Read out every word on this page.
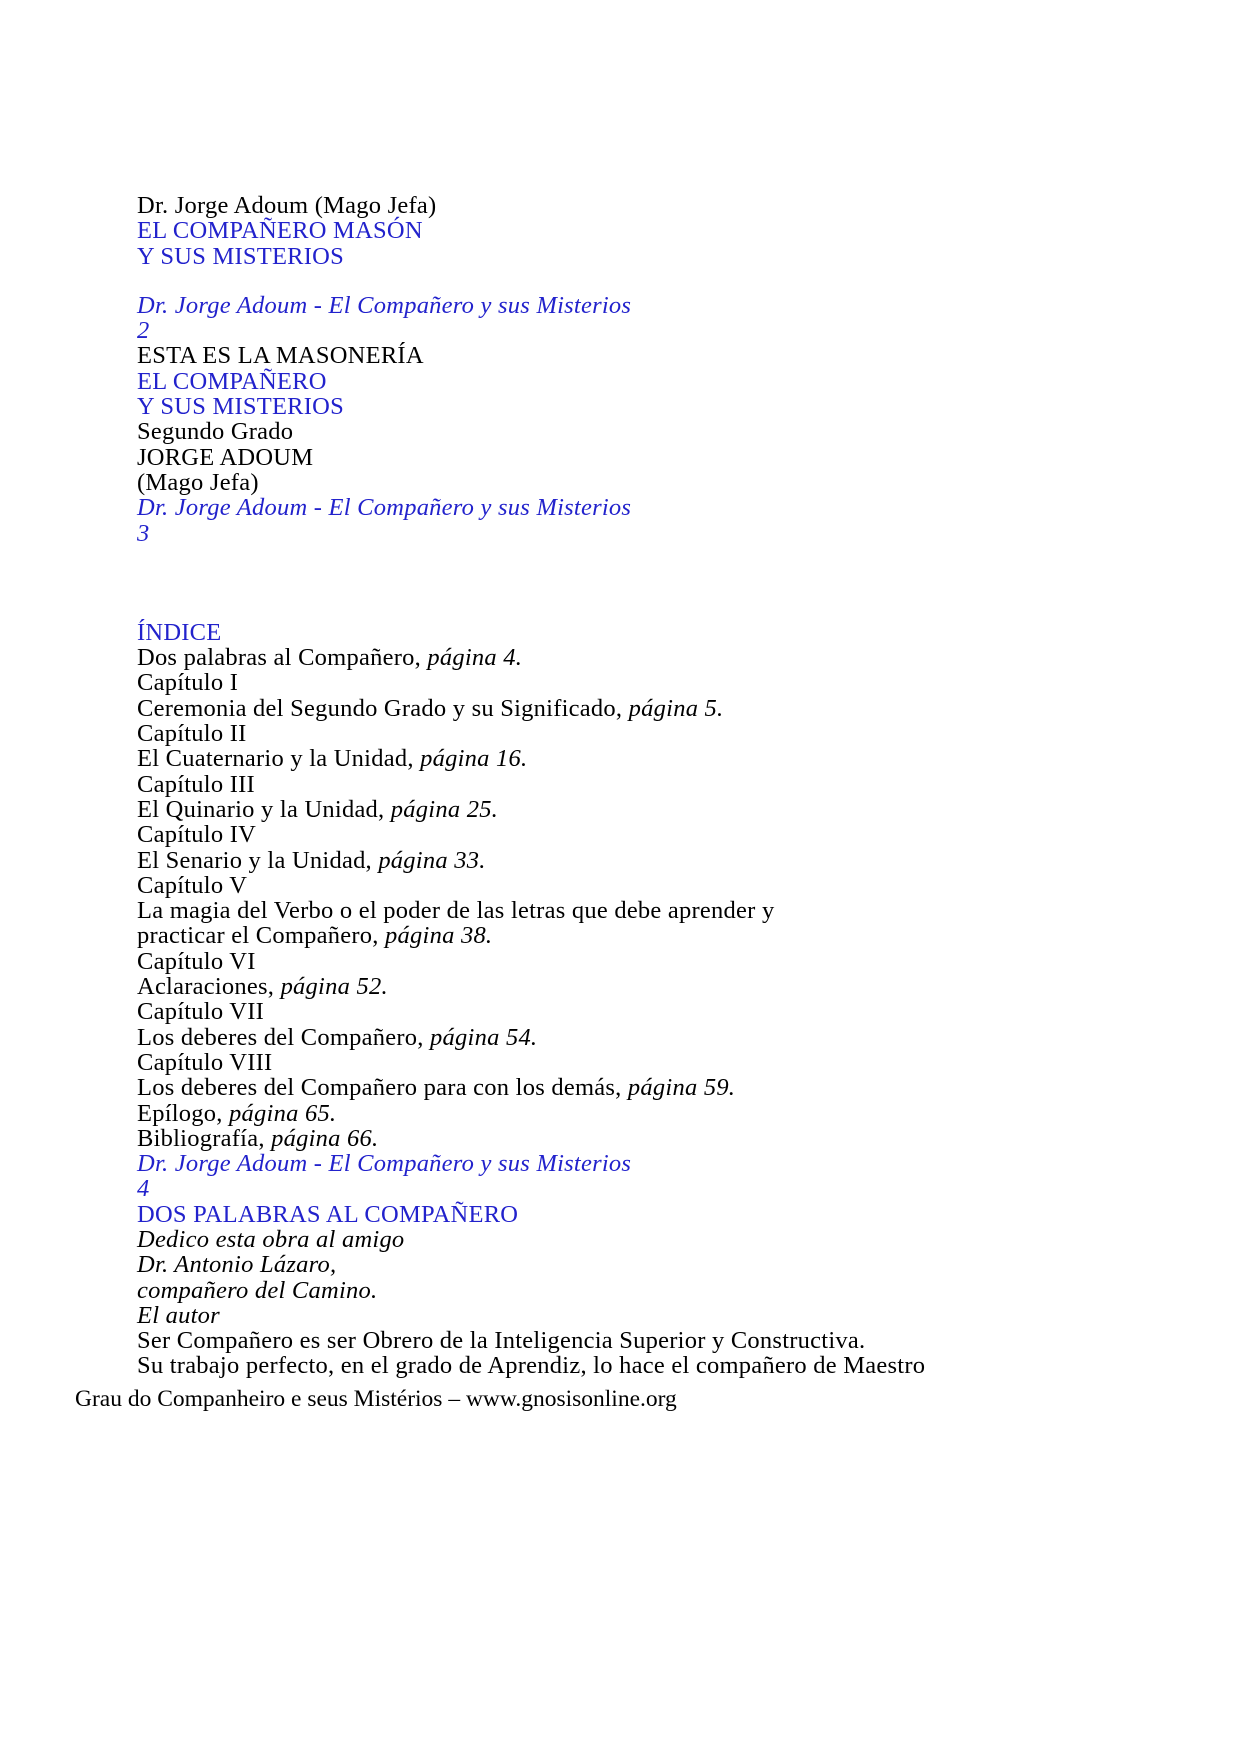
Dr. Jorge Adoum (Mago Jefa)
EL COMPAÑERO MASÓN
Y SUS MISTERIOS
Dr. Jorge Adoum - El Compañero y sus Misterios
2
ESTA ES LA MASONERÍA
EL COMPAÑERO
Y SUS MISTERIOS
Segundo Grado
JORGE ADOUM
(Mago Jefa)
Dr. Jorge Adoum - El Compañero y sus Misterios
3
ÍNDICE
Dos palabras al Compañero, página 4.
Capítulo I
Ceremonia del Segundo Grado y su Significado, página 5.
Capítulo II
El Cuaternario y la Unidad, página 16.
Capítulo III
El Quinario y la Unidad, página 25.
Capítulo IV
El Senario y la Unidad, página 33.
Capítulo V
La magia del Verbo o el poder de las letras que debe aprender y
practicar el Compañero, página 38.
Capítulo VI
Aclaraciones, página 52.
Capítulo VII
Los deberes del Compañero, página 54.
Capítulo VIII
Los deberes del Compañero para con los demás, página 59.
Epílogo, página 65.
Bibliografía, página 66.
Dr. Jorge Adoum - El Compañero y sus Misterios
4
DOS PALABRAS AL COMPAÑERO
Dedico esta obra al amigo
Dr. Antonio Lázaro,
compañero del Camino.
El autor
Ser Compañero es ser Obrero de la Inteligencia Superior y Constructiva.
Su trabajo perfecto, en el grado de Aprendiz, lo hace el compañero de Maestro
Grau do Companheiro e seus Mistérios – www.gnosisonline.org
